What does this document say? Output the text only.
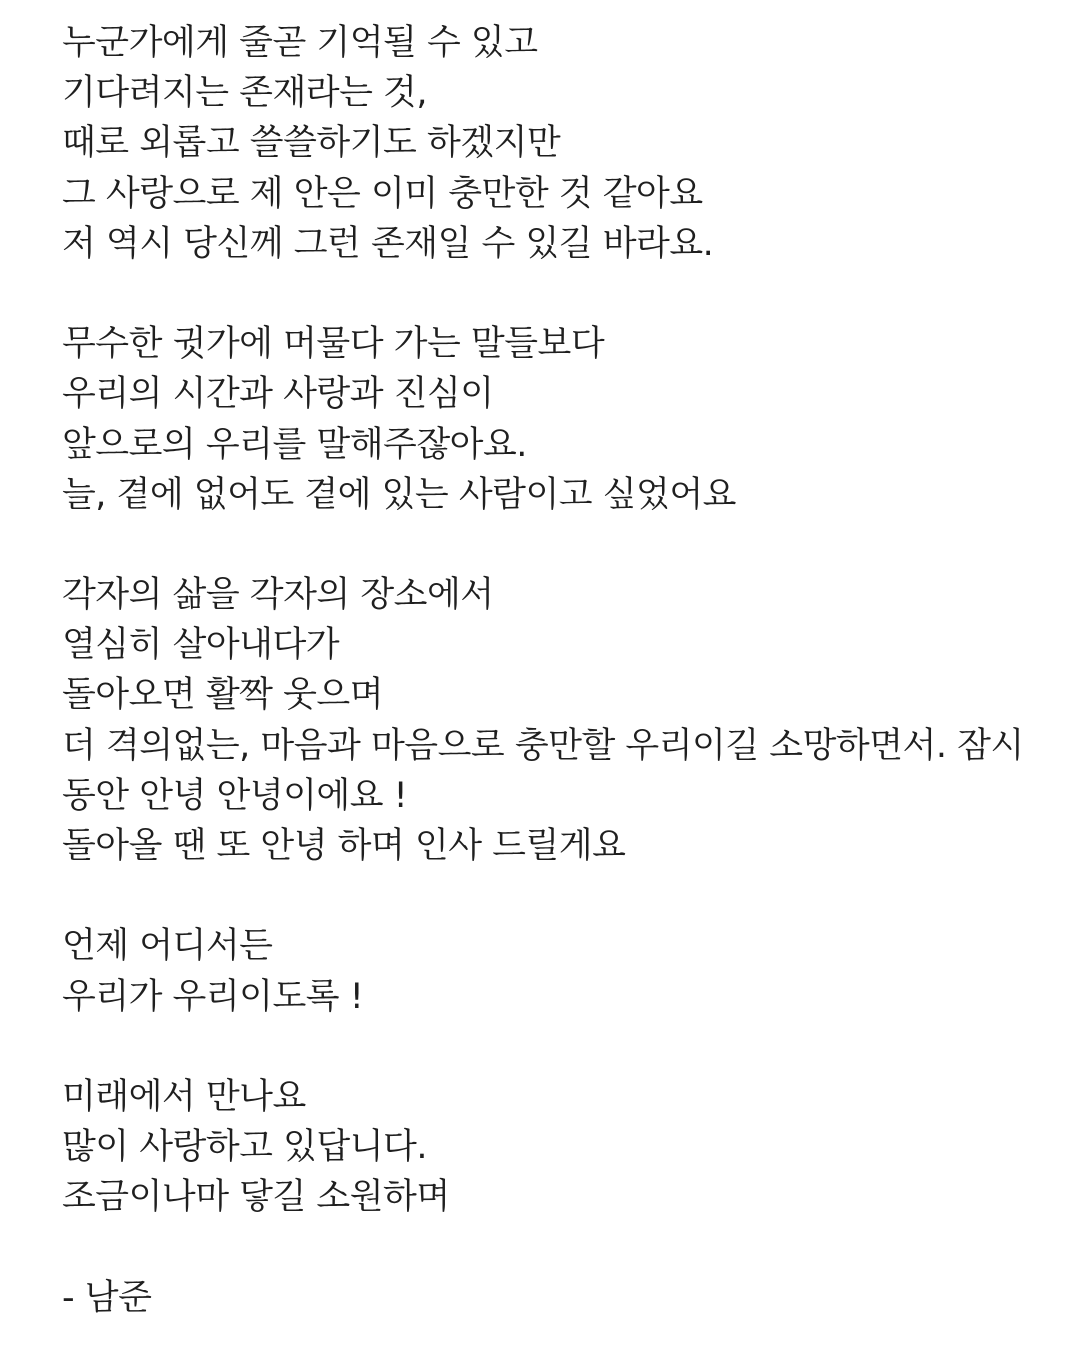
누군가에게 줄곧 기억될 수 있고
기다려지는 존재라는 것,
때로 외롭고 쓸쓸하기도 하겠지만
그 사랑으로 제 안은 이미 충만한 것 같아요
저 역시 당신께 그런 존재일 수 있길 바라요.
무수한 귓가에 머물다 가는 말들보다
우리의 시간과 사랑과 진심이
앞으로의 우리를 말해주잖아요.
늘, 곁에 없어도 곁에 있는 사람이고 싶었어요
각자의 삶을 각자의 장소에서
열심히 살아내다가
돌아오면 활짝 웃으며
더 격의없는, 마음과 마음으로 충만할 우리이길 소망하면서. 잠시
동안 안녕 안녕이에요 !
돌아올 땐 또 안녕 하며 인사 드릴게요
언제 어디서든
우리가 우리이도록 !
미래에서 만나요
많이 사랑하고 있답니다.
조금이나마 닿길 소원하며
- 남준
